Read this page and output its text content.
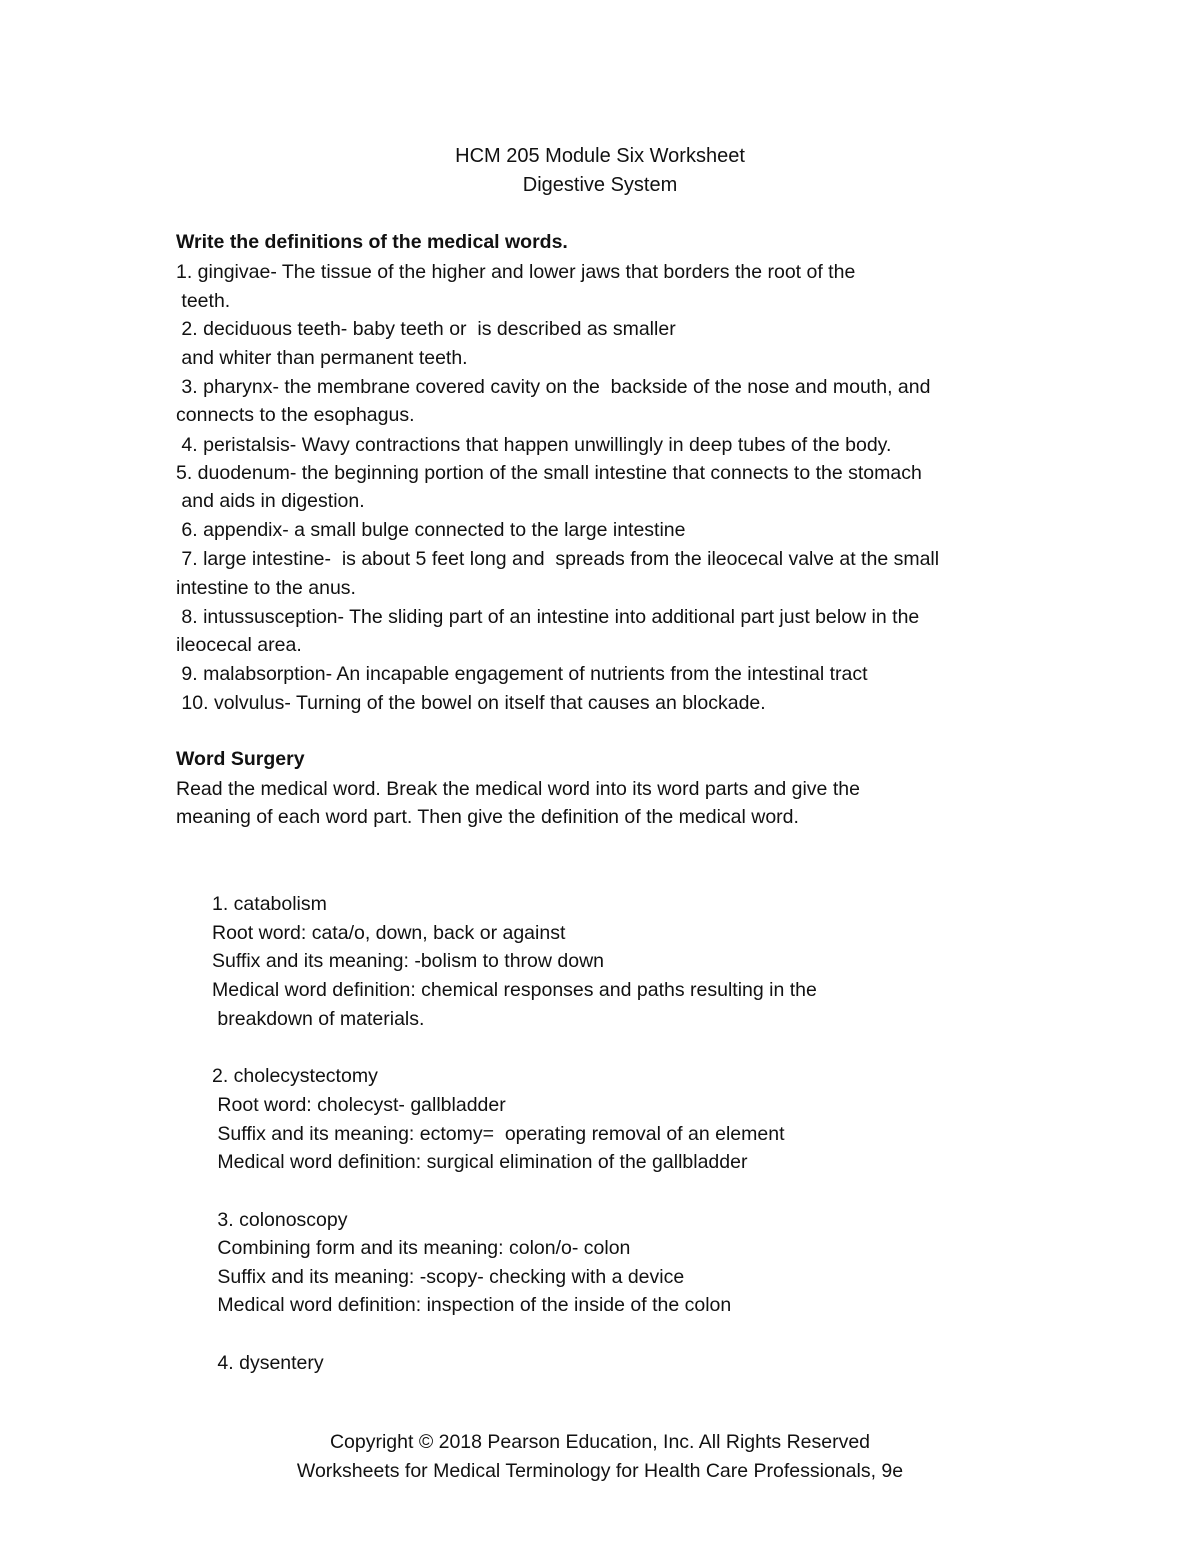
HCM 205 Module Six Worksheet
Digestive System
Write the definitions of the medical words.
1. gingivae- The tissue of the higher and lower jaws that borders the root of the
teeth.
2. deciduous teeth- baby teeth or  is described as smaller
and whiter than permanent teeth.
3. pharynx- the membrane covered cavity on the  backside of the nose and mouth, and
connects to the esophagus.
4. peristalsis- Wavy contractions that happen unwillingly in deep tubes of the body.
5. duodenum- the beginning portion of the small intestine that connects to the stomach
and aids in digestion.
6. appendix- a small bulge connected to the large intestine
7. large intestine-  is about 5 feet long and  spreads from the ileocecal valve at the small
intestine to the anus.
8. intussusception- The sliding part of an intestine into additional part just below in the
ileocecal area.
9. malabsorption- An incapable engagement of nutrients from the intestinal tract
10. volvulus- Turning of the bowel on itself that causes an blockade.
Word Surgery
Read the medical word. Break the medical word into its word parts and give the
meaning of each word part. Then give the definition of the medical word.
1. catabolism
Root word: cata/o, down, back or against
Suffix and its meaning: -bolism to throw down
Medical word definition: chemical responses and paths resulting in the
breakdown of materials.
2. cholecystectomy
Root word: cholecyst- gallbladder
Suffix and its meaning: ectomy=  operating removal of an element
Medical word definition: surgical elimination of the gallbladder
3. colonoscopy
Combining form and its meaning: colon/o- colon
Suffix and its meaning: -scopy- checking with a device
Medical word definition: inspection of the inside of the colon
4. dysentery
Copyright © 2018 Pearson Education, Inc. All Rights Reserved
Worksheets for Medical Terminology for Health Care Professionals, 9e
